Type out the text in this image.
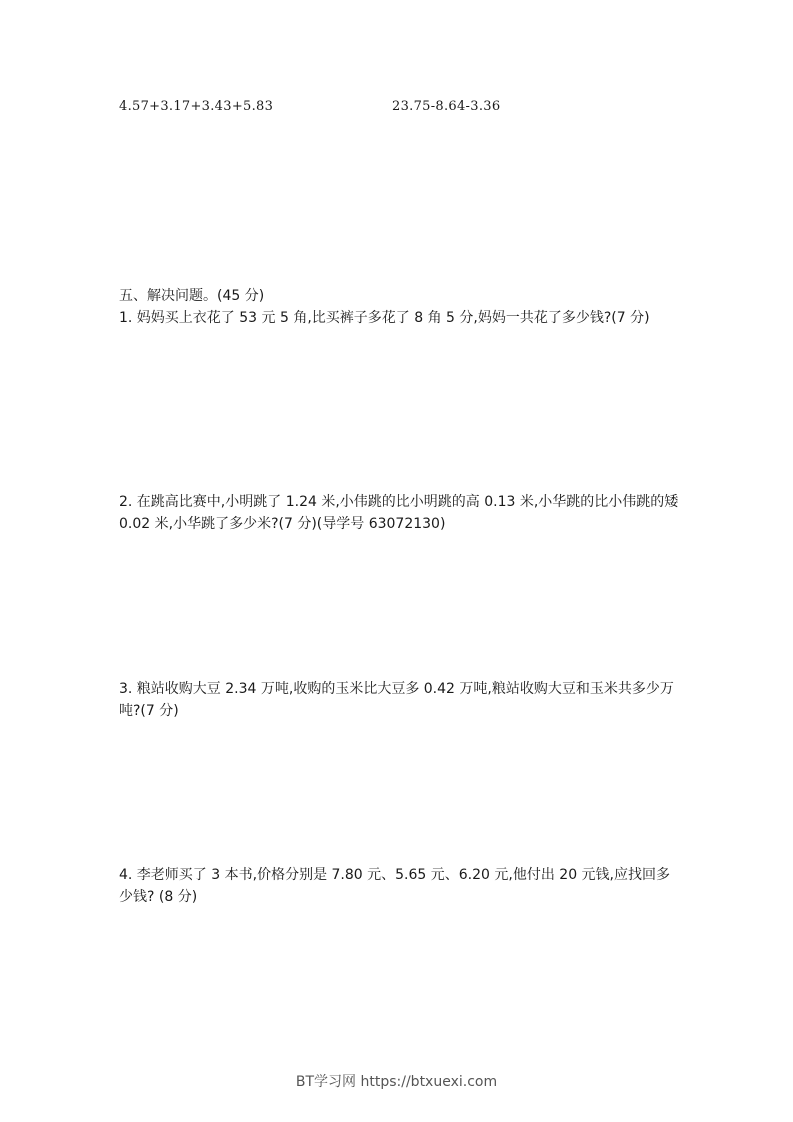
4.57+3.17+3.43+5.83	23.75-8.64-3.36
五、解决问题。(45 分)
1. 妈妈买上衣花了 53 元 5 角,比买裤子多花了 8 角 5 分,妈妈一共花了多少钱?(7 分)
2. 在跳高比赛中,小明跳了 1.24 米,小伟跳的比小明跳的高 0.13 米,小华跳的比小伟跳的矮 0.02 米,小华跳了多少米?(7 分)(导学号 63072130)
3. 粮站收购大豆 2.34 万吨,收购的玉米比大豆多 0.42 万吨,粮站收购大豆和玉米共多少万吨?(7 分)
4. 李老师买了 3 本书,价格分别是 7.80 元、5.65 元、6.20 元,他付出 20 元钱,应找回多少钱? (8 分)
BT学习网 https://btxuexi.com
